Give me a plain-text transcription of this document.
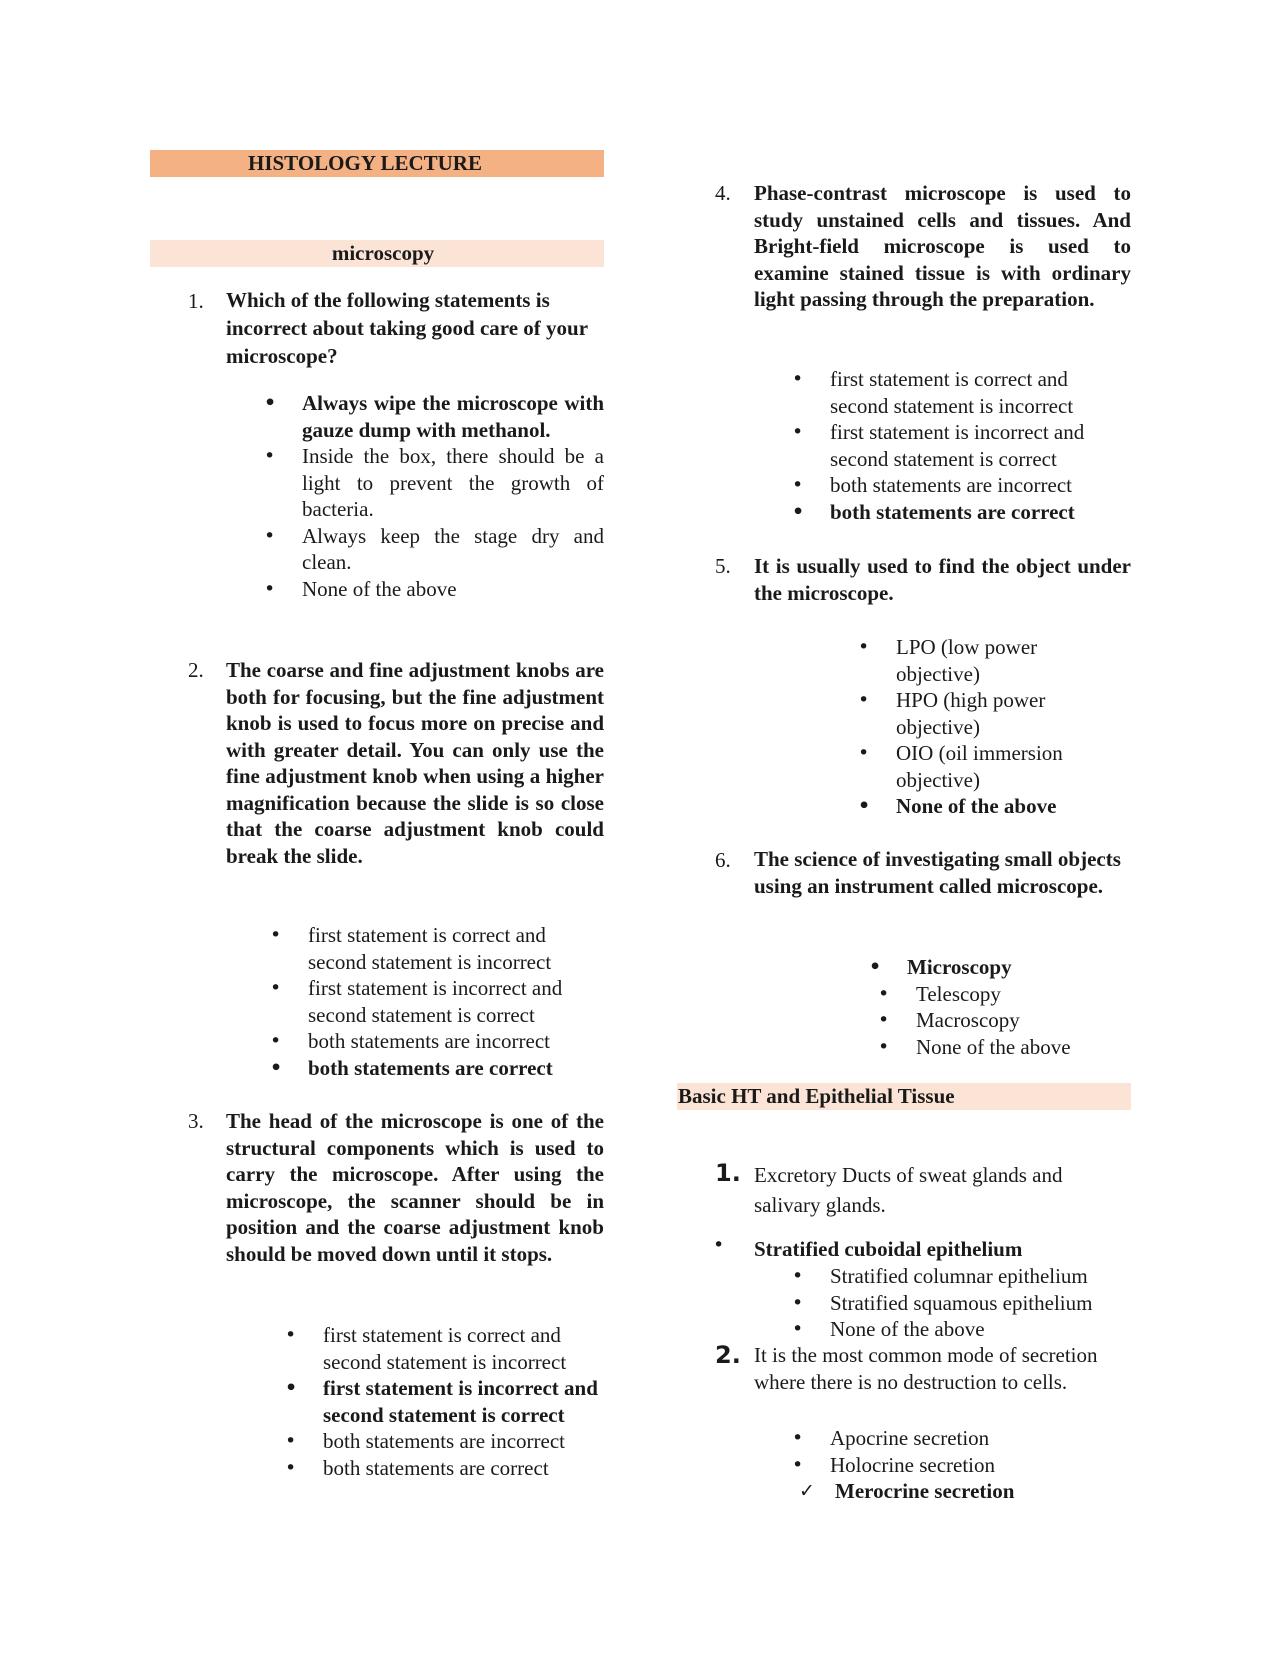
HISTOLOGY LECTURE
microscopy
1. Which of the following statements is incorrect about taking good care of your microscope?
• Always wipe the microscope with gauze dump with methanol.
• Inside the box, there should be a light to prevent the growth of bacteria.
• Always keep the stage dry and clean.
• None of the above
2. The coarse and fine adjustment knobs are both for focusing, but the fine adjustment knob is used to focus more on precise and with greater detail. You can only use the fine adjustment knob when using a higher magnification because the slide is so close that the coarse adjustment knob could break the slide.
• first statement is correct and second statement is incorrect
• first statement is incorrect and second statement is correct
• both statements are incorrect
• both statements are correct
3. The head of the microscope is one of the structural components which is used to carry the microscope. After using the microscope, the scanner should be in position and the coarse adjustment knob should be moved down until it stops.
• first statement is correct and second statement is incorrect
• first statement is incorrect and second statement is correct
• both statements are incorrect
• both statements are correct
4. Phase-contrast microscope is used to study unstained cells and tissues. And Bright-field microscope is used to examine stained tissue is with ordinary light passing through the preparation.
• first statement is correct and second statement is incorrect
• first statement is incorrect and second statement is correct
• both statements are incorrect
• both statements are correct
5. It is usually used to find the object under the microscope.
• LPO (low power objective)
• HPO (high power objective)
• OIO (oil immersion objective)
• None of the above
6. The science of investigating small objects using an instrument called microscope.
• Microscopy
• Telescopy
• Macroscopy
• None of the above
Basic HT and Epithelial Tissue
1. Excretory Ducts of sweat glands and salivary glands.
• Stratified cuboidal epithelium
• Stratified columnar epithelium
• Stratified squamous epithelium
• None of the above
2. It is the most common mode of secretion where there is no destruction to cells.
• Apocrine secretion
• Holocrine secretion
✓ Merocrine secretion
